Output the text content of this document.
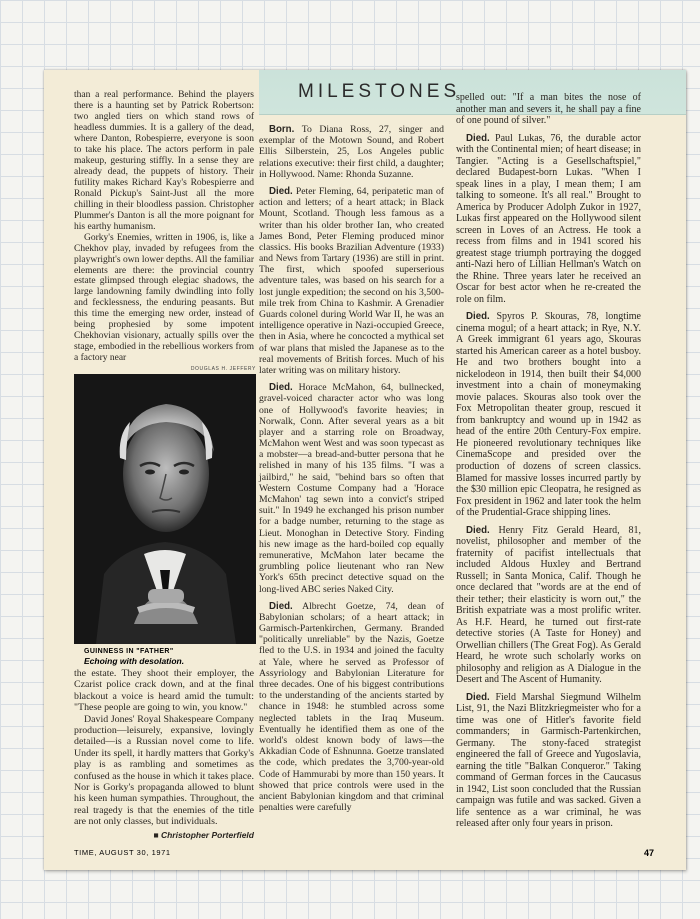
MILESTONES

than a real performance. Behind the players there is a haunting set by Patrick Robertson: two angled tiers on which stand rows of headless dummies. It is a gallery of the dead, where Danton, Robespierre, everyone is soon to take his place. The actors perform in pale makeup, gesturing stiffly. In a sense they are already dead, the puppets of history. Their futility makes Richard Kay's Robespierre and Ronald Pickup's Saint-Just all the more chilling in their bloodless passion. Christopher Plummer's Danton is all the more poignant for his earthy humanism.

Gorky's Enemies, written in 1906, is, like a Chekhov play, invaded by refugees from the playwright's own lower depths. All the familiar elements are there: the provincial country estate glimpsed through elegiac shadows, the large landowning family dwindling into folly and fecklessness, the enduring peasants. But this time the emerging new order, instead of being prophesied by some impotent Chekhovian visionary, actually spills over the stage, embodied in the rebellious workers from a factory near

DOUGLAS H. JEFFERY

GUINNESS IN "FATHER"

Echoing with desolation.

the estate. They shoot their employer, the Czarist police crack down, and at the final blackout a voice is heard amid the tumult: "These people are going to win, you know."

David Jones' Royal Shakespeare Company production—leisurely, expansive, lovingly detailed—is a Russian novel come to life. Under its spell, it hardly matters that Gorky's play is as rambling and sometimes as confused as the house in which it takes place. Nor is Gorky's propaganda allowed to blunt his keen human sympathies. Throughout, the real tragedy is that the enemies of the title are not only classes, but individuals.

■ Christopher Porterfield

Born. To Diana Ross, 27, singer and exemplar of the Motown Sound, and Robert Ellis Silberstein, 25, Los Angeles public relations executive: their first child, a daughter; in Hollywood. Name: Rhonda Suzanne.

Died. Peter Fleming, 64, peripatetic man of action and letters; of a heart attack; in Black Mount, Scotland. Though less famous as a writer than his older brother Ian, who created James Bond, Peter Fleming produced minor classics. His books Brazilian Adventure (1933) and News from Tartary (1936) are still in print. The first, which spoofed superserious adventure tales, was based on his search for a lost jungle expedition; the second on his 3,500-mile trek from China to Kashmir. A Grenadier Guards colonel during World War II, he was an intelligence operative in Nazi-occupied Greece, then in Asia, where he concocted a mythical set of war plans that misled the Japanese as to the real movements of British forces. Much of his later writing was on military history.

Died. Horace McMahon, 64, bullnecked, gravel-voiced character actor who was long one of Hollywood's favorite heavies; in Norwalk, Conn. After several years as a bit player and a starring role on Broadway, McMahon went West and was soon typecast as a mobster—a bread-and-butter persona that he relished in many of his 135 films. "I was a jailbird," he said, "behind bars so often that Western Costume Company had a 'Horace McMahon' tag sewn into a convict's striped suit." In 1949 he exchanged his prison number for a badge number, returning to the stage as Lieut. Monoghan in Detective Story. Finding his new image as the hard-boiled cop equally remunerative, McMahon later became the grumbling police lieutenant who ran New York's 65th precinct detective squad on the long-lived ABC series Naked City.

Died. Albrecht Goetze, 74, dean of Babylonian scholars; of a heart attack; in Garmisch-Partenkirchen, Germany. Branded "politically unreliable" by the Nazis, Goetze fled to the U.S. in 1934 and joined the faculty at Yale, where he served as Professor of Assyriology and Babylonian Literature for three decades. One of his biggest contributions to the understanding of the ancients started by chance in 1948: he stumbled across some neglected tablets in the Iraq Museum. Eventually he identified them as one of the world's oldest known body of laws—the Akkadian Code of Eshnunna. Goetze translated the code, which predates the 3,700-year-old Code of Hammurabi by more than 150 years. It showed that price controls were used in the ancient Babylonian kingdom and that criminal penalties were carefully

spelled out: "If a man bites the nose of another man and severs it, he shall pay a fine of one pound of silver."

Died. Paul Lukas, 76, the durable actor with the Continental mien; of heart disease; in Tangier. "Acting is a Gesellschaftspiel," declared Budapest-born Lukas. "When I speak lines in a play, I mean them; I am talking to someone. It's all real." Brought to America by Producer Adolph Zukor in 1927, Lukas first appeared on the Hollywood silent screen in Loves of an Actress. He took a recess from films and in 1941 scored his greatest stage triumph portraying the dogged anti-Nazi hero of Lillian Hellman's Watch on the Rhine. Three years later he received an Oscar for best actor when he re-created the role on film.

Died. Spyros P. Skouras, 78, longtime cinema mogul; of a heart attack; in Rye, N.Y. A Greek immigrant 61 years ago, Skouras started his American career as a hotel busboy. He and two brothers bought into a nickelodeon in 1914, then built their $4,000 investment into a chain of moneymaking movie palaces. Skouras also took over the Fox Metropolitan theater group, rescued it from bankruptcy and wound up in 1942 as head of the entire 20th Century-Fox empire. He pioneered revolutionary techniques like CinemaScope and presided over the production of dozens of screen classics. Blamed for massive losses incurred partly by the $30 million epic Cleopatra, he resigned as Fox president in 1962 and later took the helm of the Prudential-Grace shipping lines.

Died. Henry Fitz Gerald Heard, 81, novelist, philosopher and member of the fraternity of pacifist intellectuals that included Aldous Huxley and Bertrand Russell; in Santa Monica, Calif. Though he once declared that "words are at the end of their tether; their elasticity is worn out," the British expatriate was a most prolific writer. As H.F. Heard, he turned out first-rate detective stories (A Taste for Honey) and Orwellian chillers (The Great Fog). As Gerald Heard, he wrote such scholarly works on philosophy and religion as A Dialogue in the Desert and The Ascent of Humanity.

Died. Field Marshal Siegmund Wilhelm List, 91, the Nazi Blitzkriegmeister who for a time was one of Hitler's favorite field commanders; in Garmisch-Partenkirchen, Germany. The stony-faced strategist engineered the fall of Greece and Yugoslavia, earning the title "Balkan Conqueror." Taking command of German forces in the Caucasus in 1942, List soon concluded that the Russian campaign was futile and was sacked. Given a life sentence as a war criminal, he was released after only four years in prison.

TIME, AUGUST 30, 1971	47
